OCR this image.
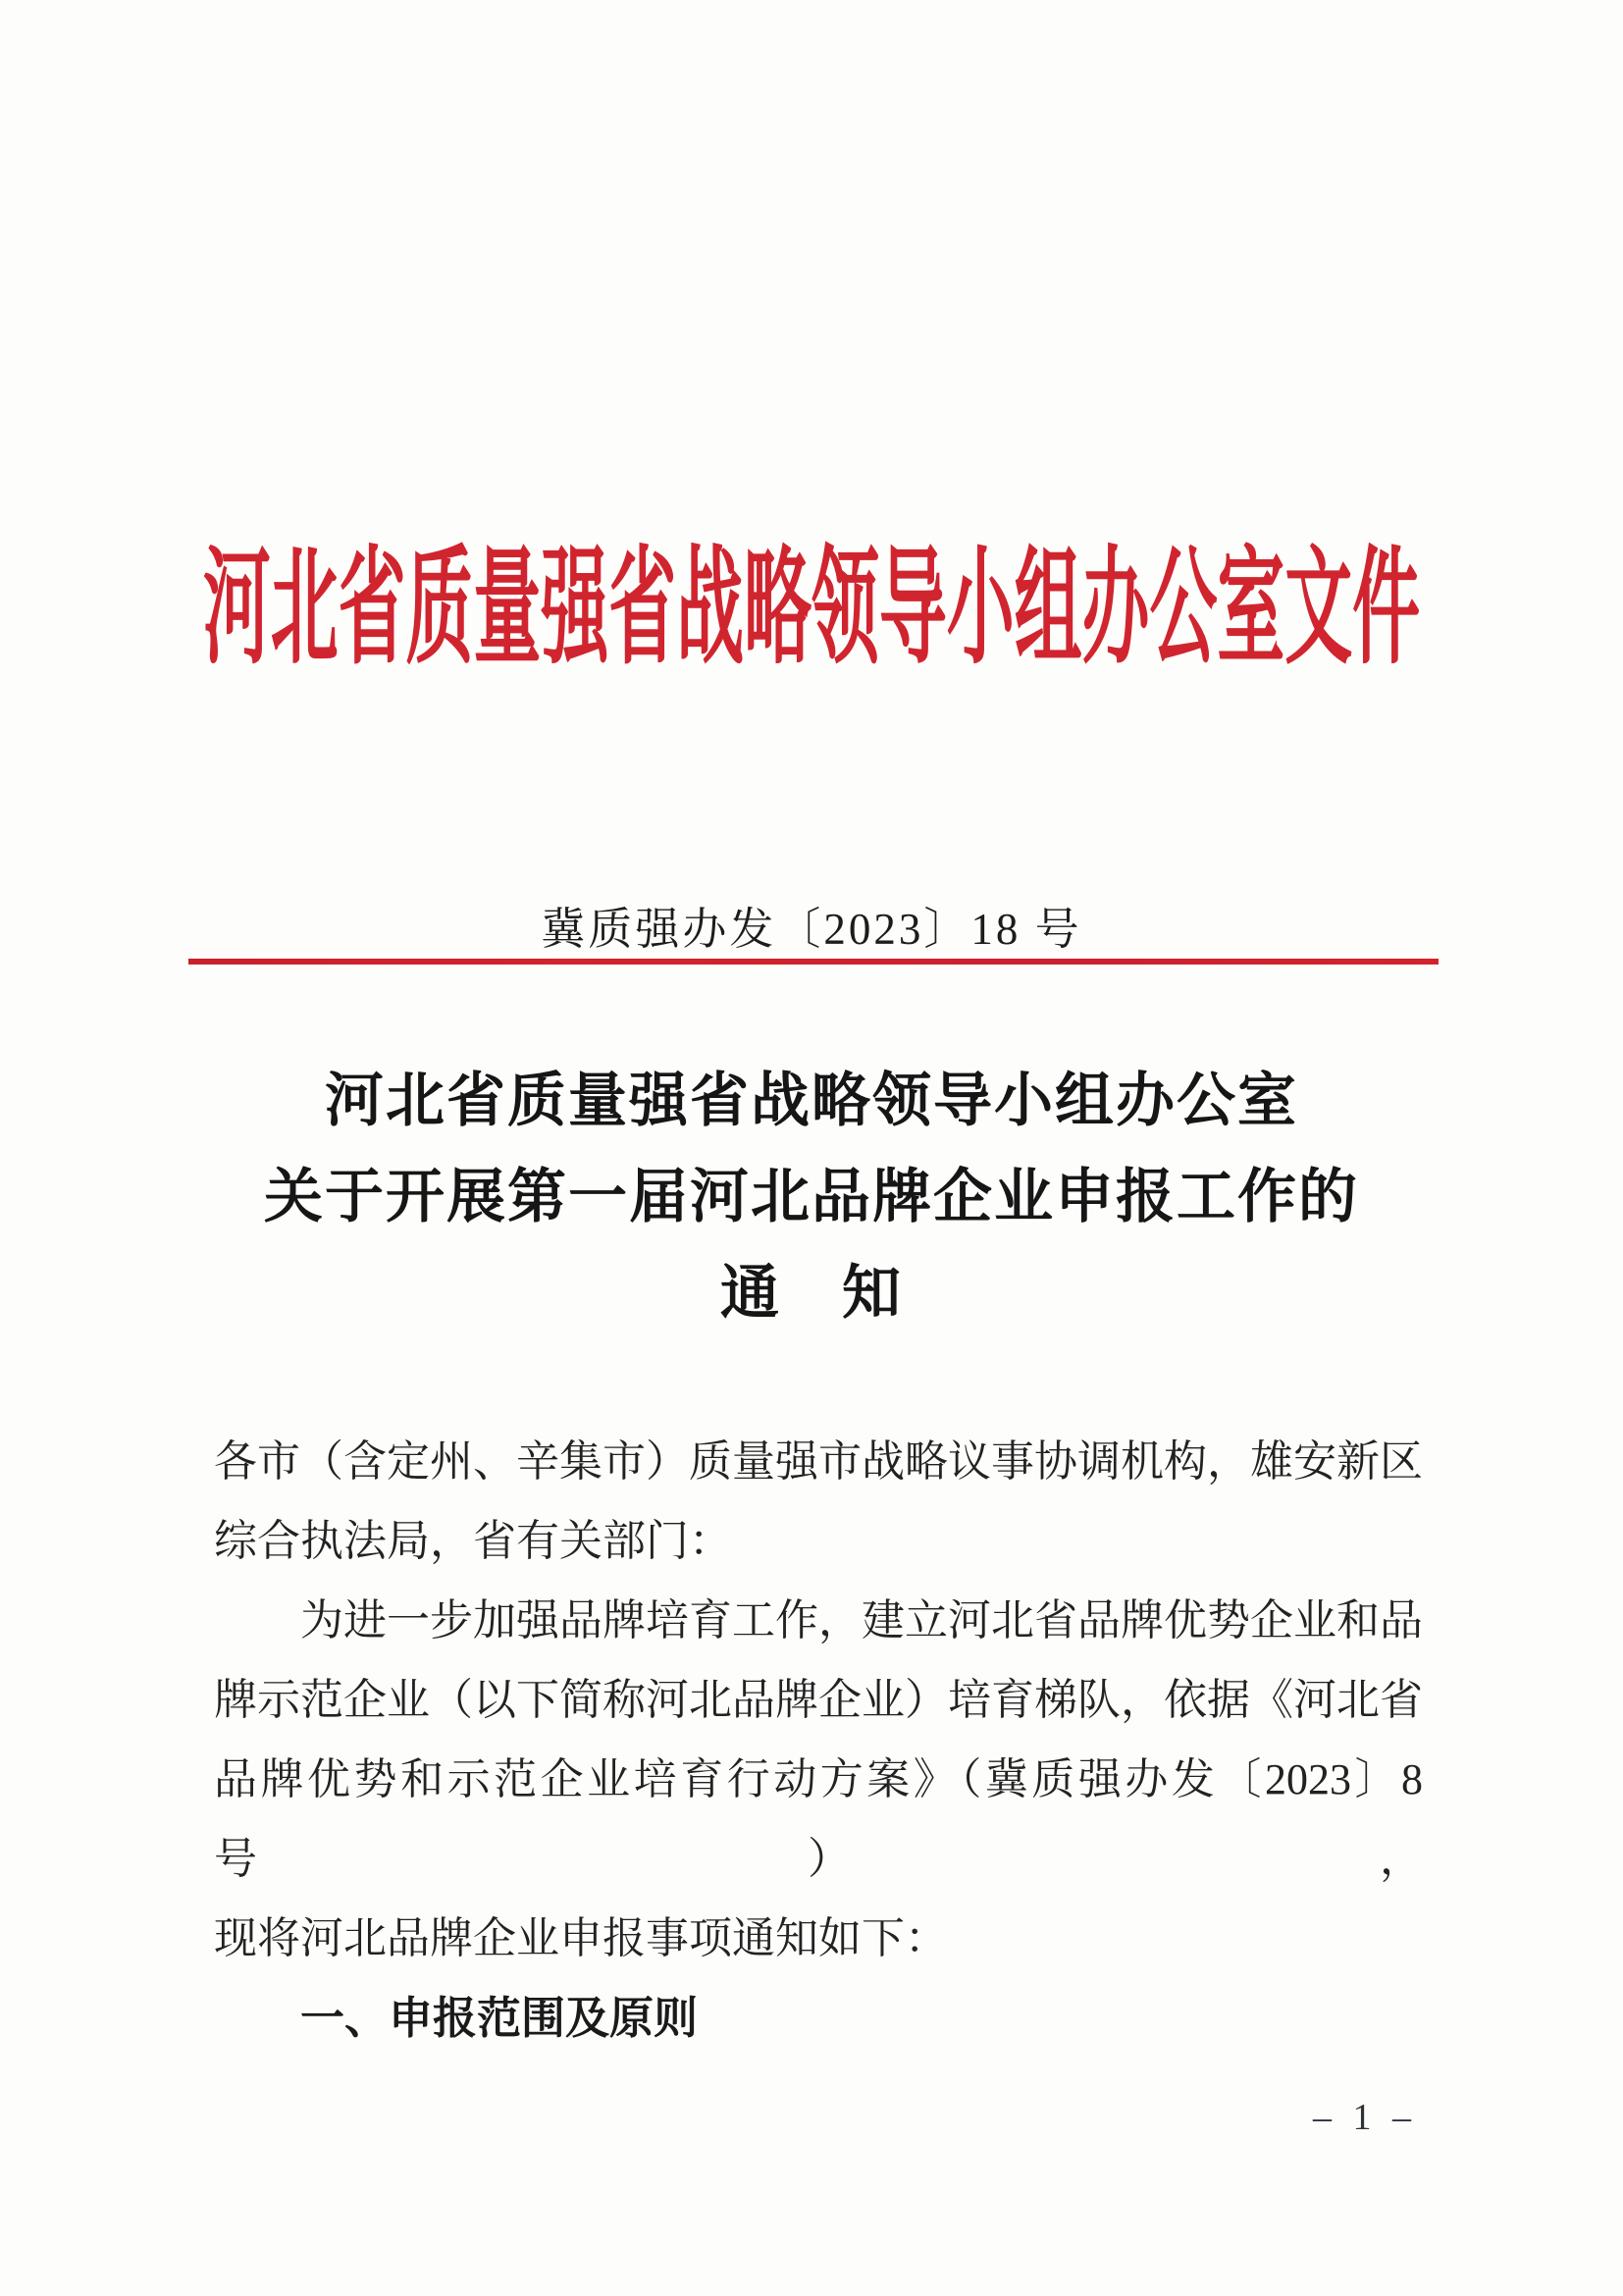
河北省质量强省战略领导小组办公室文件
冀质强办发〔2023〕18 号
河北省质量强省战略领导小组办公室
关于开展第一届河北品牌企业申报工作的
通　知
各市（含定州、辛集市）质量强市战略议事协调机构，雄安新区
综合执法局，省有关部门：
为进一步加强品牌培育工作，建立河北省品牌优势企业和品
牌示范企业（以下简称河北品牌企业）培育梯队，依据《河北省
品牌优势和示范企业培育行动方案》（冀质强办发〔2023〕8 号），
现将河北品牌企业申报事项通知如下：
一、申报范围及原则
– 1 –
